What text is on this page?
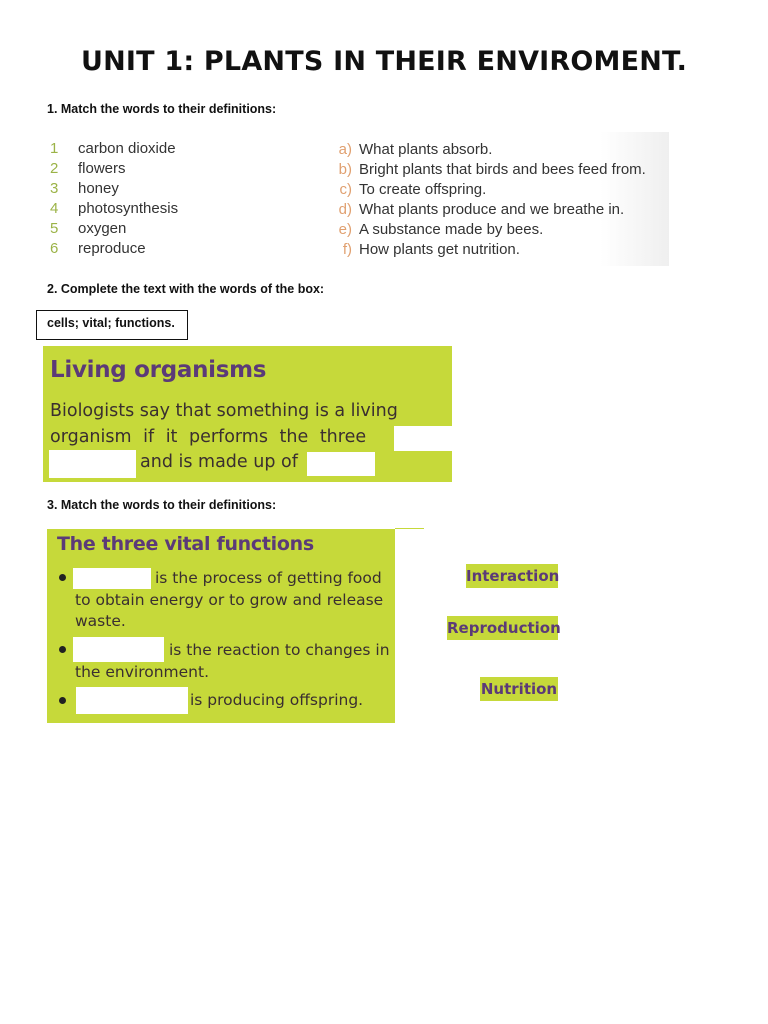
UNIT 1: PLANTS IN THEIR ENVIROMENT.
1. Match the words to their definitions:
1 carbon dioxide
2 flowers
3 honey
4 photosynthesis
5 oxygen
6 reproduce
a) What plants absorb.
b) Bright plants that birds and bees feed from.
c) To create offspring.
d) What plants produce and we breathe in.
e) A substance made by bees.
f) How plants get nutrition.
2. Complete the text with the words of the box:
cells; vital; functions.
Living organisms
Biologists say that something is a living
organism if it performs the three
and is made up of
3. Match the words to their definitions:
The three vital functions
is the process of getting food
to obtain energy or to grow and release
waste.
is the reaction to changes in
the environment.
is producing offspring.
Interaction
Reproduction
Nutrition
